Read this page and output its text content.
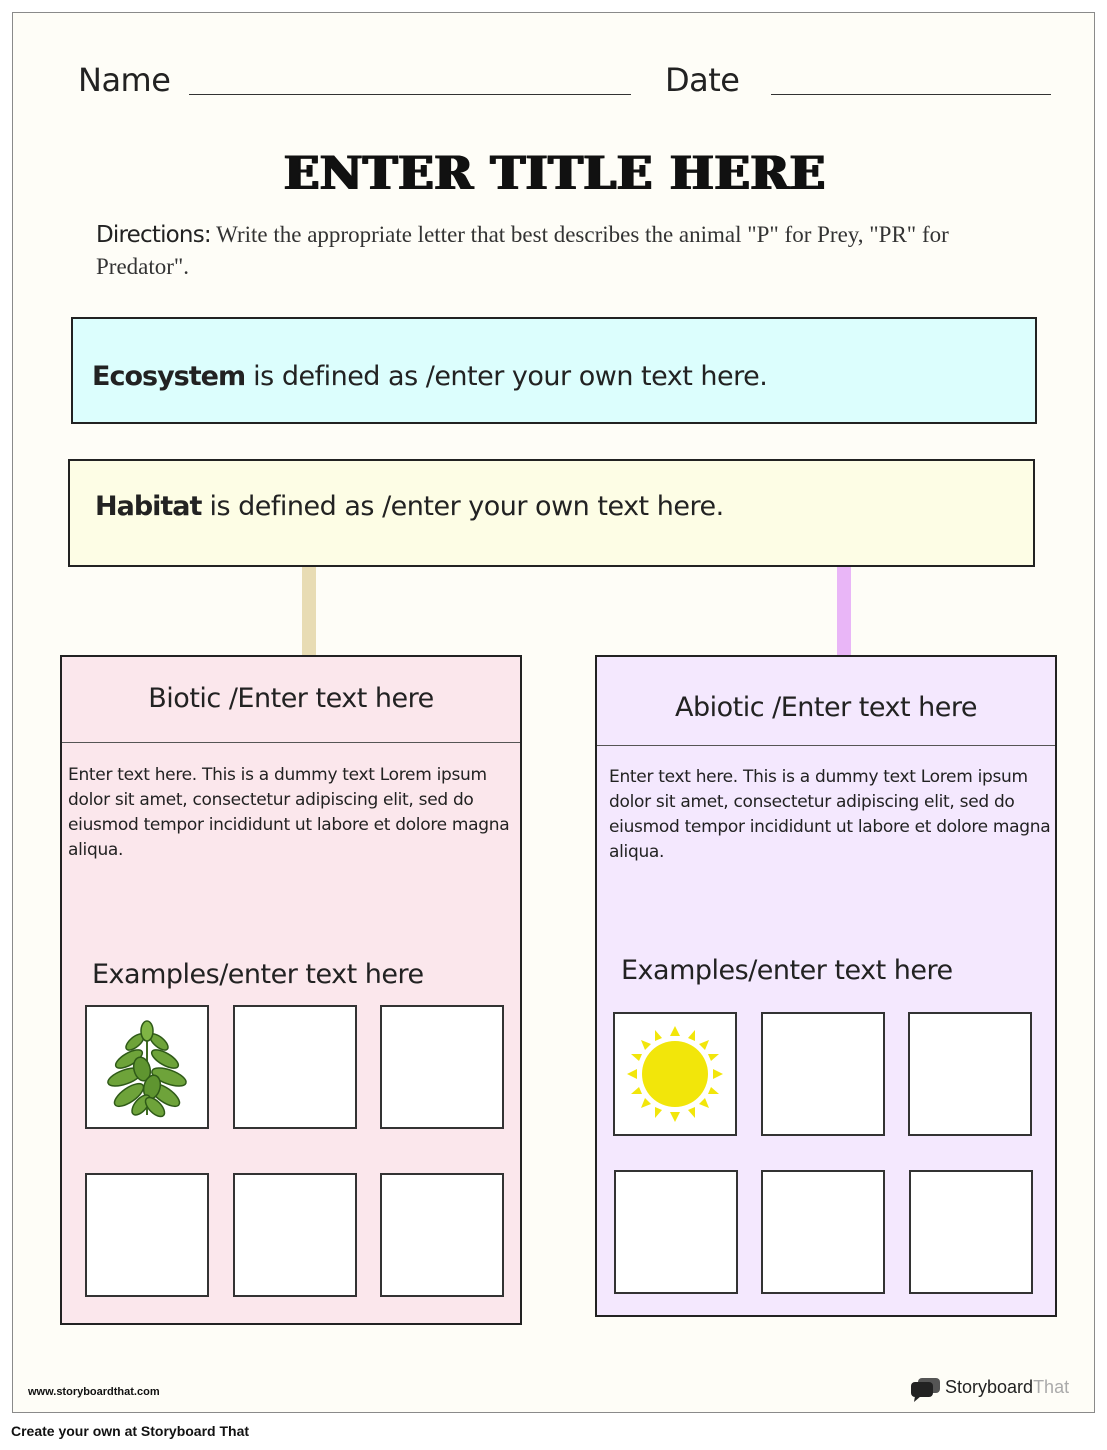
Name	Date
ENTER TITLE HERE
Directions: Write the appropriate letter that best describes the animal "P" for Prey, "PR" for Predator".
Ecosystem is defined as /enter your own text here.
Habitat is defined as /enter your own text here.
Biotic /Enter text here
Enter text here. This is a dummy text Lorem ipsum dolor sit amet, consectetur adipiscing elit, sed do eiusmod tempor incididunt ut labore et dolore magna aliqua.
Examples/enter text here
Abiotic /Enter text here
Enter text here. This is a dummy text Lorem ipsum dolor sit amet, consectetur adipiscing elit, sed do eiusmod tempor incididunt ut labore et dolore magna aliqua.
Examples/enter text here
www.storyboardthat.com	StoryboardThat
Create your own at Storyboard That
